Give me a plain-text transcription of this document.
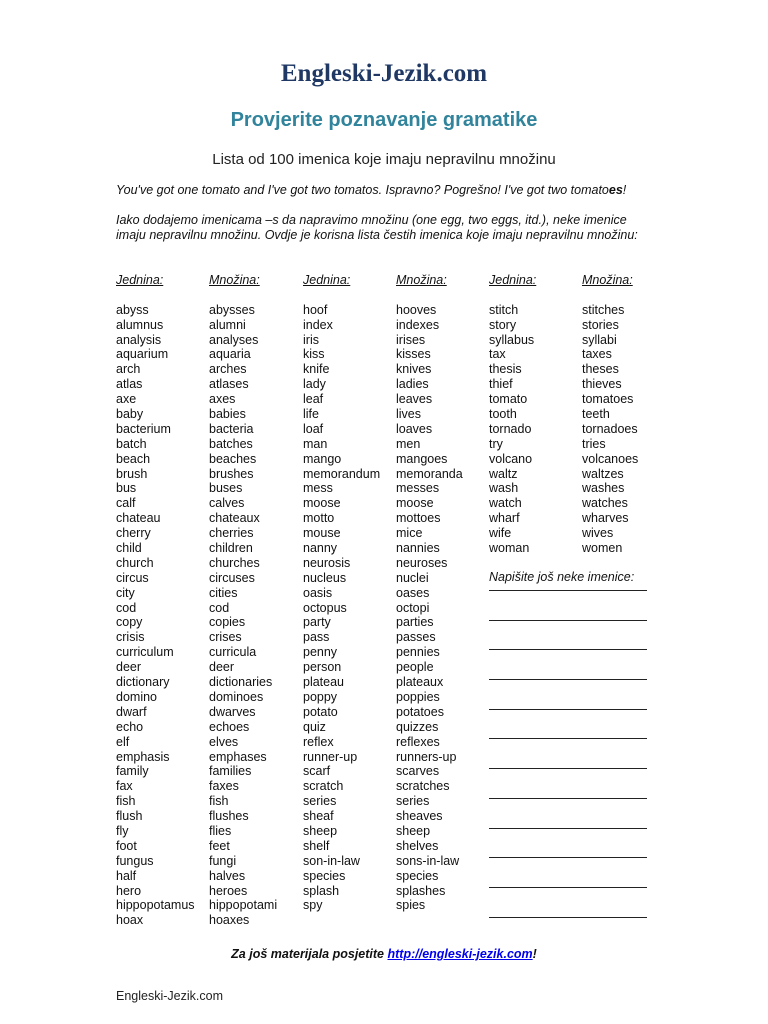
Engleski-Jezik.com
Provjerite poznavanje gramatike
Lista od 100 imenica koje imaju nepravilnu množinu
You've got one tomato and I've got two tomatos. Ispravno? Pogrešno! I've got two tomatoes!
Iako dodajemo imenicama –s da napravimo množinu (one egg, two eggs, itd.), neke imenice imaju nepravilnu množinu. Ovdje je korisna lista čestih imenica koje imaju nepravilnu množinu:
Jednina:
abyss
alumnus
analysis
aquarium
arch
atlas
axe
baby
bacterium
batch
beach
brush
bus
calf
chateau
cherry
child
church
circus
city
cod
copy
crisis
curriculum
deer
dictionary
domino
dwarf
echo
elf
emphasis
family
fax
fish
flush
fly
foot
fungus
half
hero
hippopotamus
hoax
Množina:
abysses
alumni
analyses
aquaria
arches
atlases
axes
babies
bacteria
batches
beaches
brushes
buses
calves
chateaux
cherries
children
churches
circuses
cities
cod
copies
crises
curricula
deer
dictionaries
dominoes
dwarves
echoes
elves
emphases
families
faxes
fish
flushes
flies
feet
fungi
halves
heroes
hippopotami
hoaxes
Jednina:
hoof
index
iris
kiss
knife
lady
leaf
life
loaf
man
mango
memorandum
mess
moose
motto
mouse
nanny
neurosis
nucleus
oasis
octopus
party
pass
penny
person
plateau
poppy
potato
quiz
reflex
runner-up
scarf
scratch
series
sheaf
sheep
shelf
son-in-law
species
splash
spy
Množina:
hooves
indexes
irises
kisses
knives
ladies
leaves
lives
loaves
men
mangoes
memoranda
messes
moose
mottoes
mice
nannies
neuroses
nuclei
oases
octopi
parties
passes
pennies
people
plateaux
poppies
potatoes
quizzes
reflexes
runners-up
scarves
scratches
series
sheaves
sheep
shelves
sons-in-law
species
splashes
spies
Jednina:
stitch
story
syllabus
tax
thesis
thief
tomato
tooth
tornado
try
volcano
waltz
wash
watch
wharf
wife
woman
Množina:
stitches
stories
syllabi
taxes
theses
thieves
tomatoes
teeth
tornadoes
tries
volcanoes
waltzes
washes
watches
wharves
wives
women
Napišite još neke imenice:
Za još materijala posjetite http://engleski-jezik.com!
Engleski-Jezik.com
